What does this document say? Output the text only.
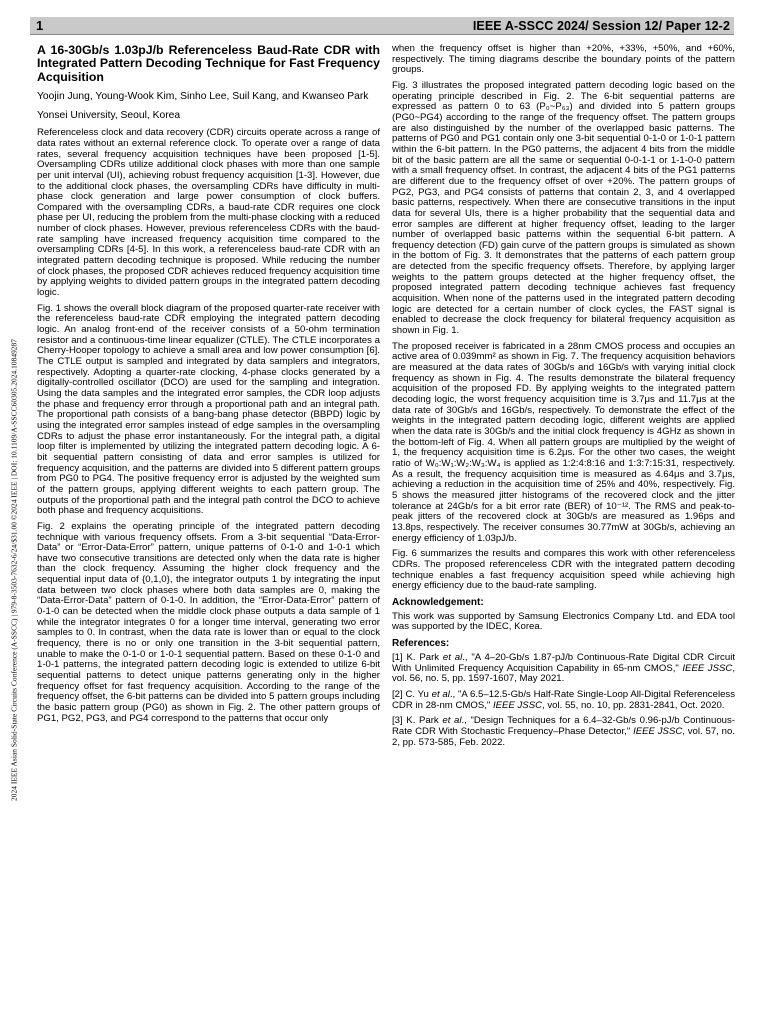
1	IEEE A-SSCC 2024/ Session 12/ Paper 12-2
2024 IEEE Asian Solid-State Circuits Conference (A-SSCC) | 979-8-3503-7632-6/24/$31.00 ©2024 IEEE | DOI: 10.1109/A-SSCC60305.2024.10849287
A 16-30Gb/s 1.03pJ/b Referenceless Baud-Rate CDR with Integrated Pattern Decoding Technique for Fast Frequency Acquisition
Yoojin Jung, Young-Wook Kim, Sinho Lee, Suil Kang, and Kwanseo Park
Yonsei University, Seoul, Korea

Referenceless clock and data recovery (CDR) circuits operate across a range of data rates without an external reference clock. To operate over a range of data rates, several frequency acquisition techniques have been proposed [1-5]. Oversampling CDRs utilize additional clock phases with more than one sample per unit interval (UI), achieving robust frequency acquisition [1-3]. However, due to the additional clock phases, the oversampling CDRs have difficulty in multi-phase clock generation and large power consumption of clock buffers. Compared with the oversampling CDRs, a baud-rate CDR requires one clock phase per UI, reducing the problem from the multi-phase clocking with a reduced number of clock phases. However, previous referenceless CDRs with the baud-rate sampling have increased frequency acquisition time compared to the oversampling CDRs [4-5]. In this work, a referenceless baud-rate CDR with an integrated pattern decoding technique is proposed. While reducing the number of clock phases, the proposed CDR achieves reduced frequency acquisition time by applying weights to divided pattern groups in the integrated pattern decoding logic.

Fig. 1 shows the overall block diagram of the proposed quarter-rate receiver with the referenceless baud-rate CDR employing the integrated pattern decoding logic. An analog front-end of the receiver consists of a 50-ohm termination resistor and a continuous-time linear equalizer (CTLE). The CTLE incorporates a Cherry-Hooper topology to achieve a small area and low power consumption [6]. The CTLE output is sampled and integrated by data samplers and integrators, respectively. Adopting a quarter-rate clocking, 4-phase clocks generated by a digitally-controlled oscillator (DCO) are used for the sampling and integration. Using the data samples and the integrated error samples, the CDR loop adjusts the phase and frequency error through a proportional path and an integral path. The proportional path consists of a bang-bang phase detector (BBPD) logic by using the integrated error samples instead of edge samples in the oversampling CDRs to adjust the phase error instantaneously. For the integral path, a digital loop filter is implemented by utilizing the integrated pattern decoding logic. A 6-bit sequential pattern consisting of data and error samples is utilized for frequency acquisition, and the patterns are divided into 5 different pattern groups from PG0 to PG4. The positive frequency error is adjusted by the weighted sum of the pattern groups, applying different weights to each pattern group. The outputs of the proportional path and the integral path control the DCO to achieve both phase and frequency acquisitions.

Fig. 2 explains the operating principle of the integrated pattern decoding technique with various frequency offsets. From a 3-bit sequential “Data-Error-Data” or “Error-Data-Error” pattern, unique patterns of 0-1-0 and 1-0-1 which have two consecutive transitions are detected only when the data rate is higher than the clock frequency. Assuming the higher clock frequency and the sequential input data of {0,1,0}, the integrator outputs 1 by integrating the input data between two clock phases where both data samples are 0, making the “Data-Error-Data” pattern of 0-1-0. In addition, the “Error-Data-Error” pattern of 0-1-0 can be detected when the middle clock phase outputs a data sample of 1 while the integrator integrates 0 for a longer time interval, generating two error samples to 0. In contrast, when the data rate is lower than or equal to the clock frequency, there is no or only one transition in the 3-bit sequential pattern, unable to make the 0-1-0 or 1-0-1 sequential pattern. Based on these 0-1-0 and 1-0-1 patterns, the integrated pattern decoding logic is extended to utilize 6-bit sequential patterns to detect unique patterns generating only in the higher frequency offset for fast frequency acquisition. According to the range of the frequency offset, the 6-bit patterns can be divided into 5 pattern groups including the basic pattern group (PG0) as shown in Fig. 2. The other pattern groups of PG1, PG2, PG3, and PG4 correspond to the patterns that occur only

when the frequency offset is higher than +20%, +33%, +50%, and +60%, respectively. The timing diagrams describe the boundary points of the pattern groups.

Fig. 3 illustrates the proposed integrated pattern decoding logic based on the operating principle described in Fig. 2. The 6-bit sequential patterns are expressed as pattern 0 to 63 (P₀~P₆₃) and divided into 5 pattern groups (PG0~PG4) according to the range of the frequency offset. The pattern groups are also distinguished by the number of the overlapped basic patterns. The patterns of PG0 and PG1 contain only one 3-bit sequential 0-1-0 or 1-0-1 pattern within the 6-bit pattern. In the PG0 patterns, the adjacent 4 bits from the middle bit of the basic pattern are all the same or sequential 0-0-1-1 or 1-1-0-0 pattern with a small frequency offset. In contrast, the adjacent 4 bits of the PG1 patterns are different due to the frequency offset of over +20%. The pattern groups of PG2, PG3, and PG4 consists of patterns that contain 2, 3, and 4 overlapped basic patterns, respectively. When there are consecutive transitions in the input data for several UIs, there is a higher probability that the sequential data and error samples are different at higher frequency offset, leading to the larger number of overlapped basic patterns within the sequential 6-bit pattern. A frequency detection (FD) gain curve of the pattern groups is simulated as shown in the bottom of Fig. 3. It demonstrates that the patterns of each pattern group are detected from the specific frequency offsets. Therefore, by applying larger weights to the pattern groups detected at the higher frequency offset, the proposed integrated pattern decoding technique achieves fast frequency acquisition. When none of the patterns used in the integrated pattern decoding logic are detected for a certain number of clock cycles, the FAST signal is enabled to decrease the clock frequency for bilateral frequency acquisition as shown in Fig. 1.

The proposed receiver is fabricated in a 28nm CMOS process and occupies an active area of 0.039mm² as shown in Fig. 7. The frequency acquisition behaviors are measured at the data rates of 30Gb/s and 16Gb/s with varying initial clock frequency as shown in Fig. 4. The results demonstrate the bilateral frequency acquisition of the proposed FD. By applying weights to the integrated pattern decoding logic, the worst frequency acquisition time is 3.7μs and 11.7μs at the data rate of 30Gb/s and 16Gb/s, respectively. To demonstrate the effect of the weights in the integrated pattern decoding logic, different weights are applied when the data rate is 30Gb/s and the initial clock frequency is 4GHz as shown in the bottom-left of Fig. 4. When all pattern groups are multiplied by the weight of 1, the frequency acquisition time is 6.2μs. For the other two cases, the weight ratio of W₀:W₁:W₂:W₃:W₄ is applied as 1:2:4:8:16 and 1:3:7:15:31, respectively. As a result, the frequency acquisition time is measured as 4.64μs and 3.7μs, achieving a reduction in the acquisition time of 25% and 40%, respectively. Fig. 5 shows the measured jitter histograms of the recovered clock and the jitter tolerance at 24Gb/s for a bit error rate (BER) of 10⁻¹². The RMS and peak-to-peak jitters of the recovered clock at 30Gb/s are measured as 1.96ps and 13.8ps, respectively. The receiver consumes 30.77mW at 30Gb/s, achieving an energy efficiency of 1.03pJ/b.

Fig. 6 summarizes the results and compares this work with other referenceless CDRs. The proposed referenceless CDR with the integrated pattern decoding technique enables a fast frequency acquisition speed while achieving high energy efficiency due to the baud-rate sampling.

Acknowledgement:

This work was supported by Samsung Electronics Company Ltd. and EDA tool was supported by the IDEC, Korea.

References:
[1] K. Park et al., "A 4–20-Gb/s 1.87-pJ/b Continuous-Rate Digital CDR Circuit With Unlimited Frequency Acquisition Capability in 65-nm CMOS," IEEE JSSC, vol. 56, no. 5, pp. 1597-1607, May 2021.
[2] C. Yu et al., "A 6.5–12.5-Gb/s Half-Rate Single-Loop All-Digital Referenceless CDR in 28-nm CMOS," IEEE JSSC, vol. 55, no. 10, pp. 2831-2841, Oct. 2020.
[3] K. Park et al., "Design Techniques for a 6.4–32-Gb/s 0.96-pJ/b Continuous-Rate CDR With Stochastic Frequency–Phase Detector," IEEE JSSC, vol. 57, no. 2, pp. 573-585, Feb. 2022.
